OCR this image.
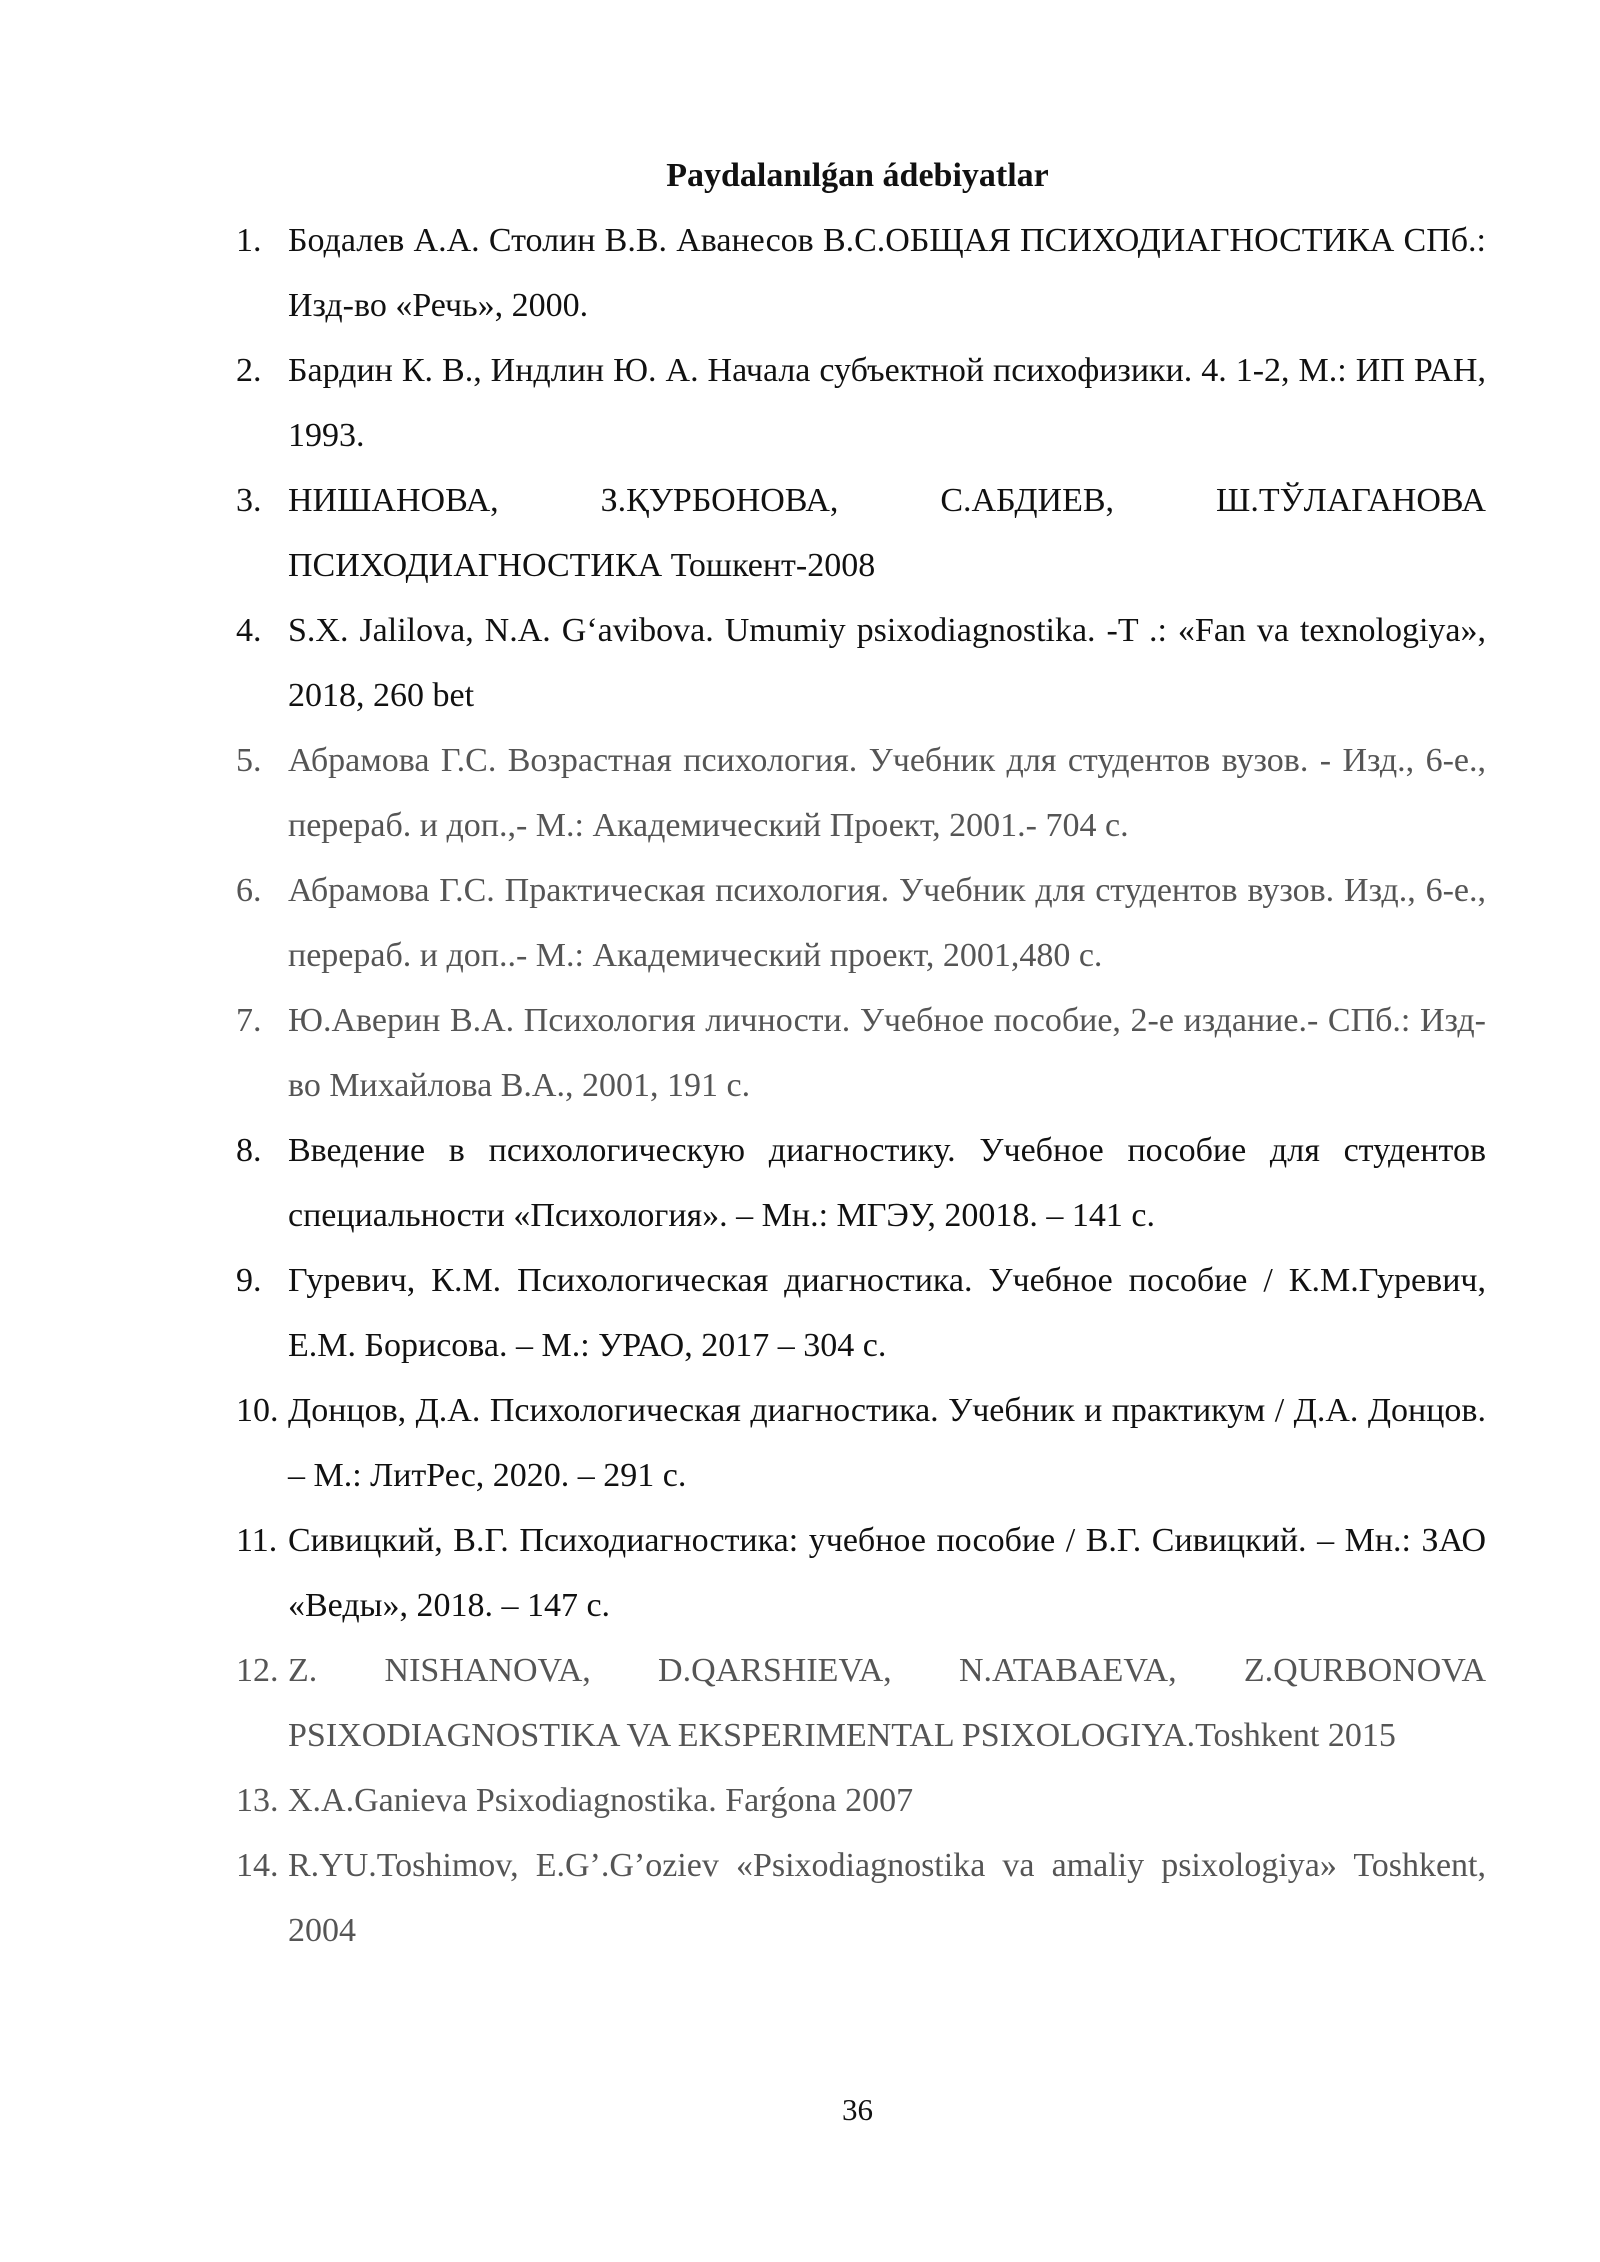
Paydalanılǵan ádebiyatlar
1. Бодалев А.А. Столин В.В. Аванесов В.С.ОБЩАЯ ПСИХОДИАГНОСТИКА СПб.: Изд-во «Речь», 2000.
2. Бардин К. В., Индлин Ю. А. Начала субъектной психофизики. 4. 1-2, М.: ИП РАН, 1993.
3. НИШАНОВА, З.ҚУРБОНОВА, С.АБДИЕВ, Ш.ТЎЛАГАНОВА ПСИХОДИАГНОСТИКА Тошкент-2008
4. S.X. Jalilova, N.A. G‘avibova. Umumiy psixodiagnostika. -T .: «Fan va texnologiya», 2018, 260 bet
5. Абрамова Г.С. Возрастная психология. Учебник для студентов вузов. - Изд., 6-е., перераб. и доп.,- М.: Академический Проект, 2001.- 704 с.
6. Абрамова Г.С. Практическая психология. Учебник для студентов вузов. Изд., 6-е., перераб. и доп..- М.: Академический проект, 2001,480 с.
7. Ю.Аверин В.А. Психология личности. Учебное пособие, 2-е издание.- СПб.: Изд-во Михайлова В.А., 2001, 191 с.
8. Введение в психологическую диагностику. Учебное пособие для студентов специальности «Психология». – Мн.: МГЭУ, 20018. – 141 с.
9. Гуревич, К.М. Психологическая диагностика. Учебное пособие / К.М.Гуревич, Е.М. Борисова. – М.: УРАО, 2017 – 304 с.
10. Донцов, Д.А. Психологическая диагностика. Учебник и практикум / Д.А. Донцов. – М.: ЛитРес, 2020. – 291 с.
11. Сивицкий, В.Г. Психодиагностика: учебное пособие / В.Г. Сивицкий. – Мн.: ЗАО «Веды», 2018. – 147 с.
12. Z. NISHANOVA, D.QARSHIEVA, N.ATABAEVA, Z.QURBONOVA PSIXODIAGNOSTIKA VA EKSPERIMENTAL PSIXOLOGIYA.Toshkent 2015
13. X.A.Ganieva Psixodiagnostika. Farǵona 2007
14. R.YU.Toshimov, E.G’.G’oziev «Psixodiagnostika va amaliy psixologiya» Toshkent, 2004
36
